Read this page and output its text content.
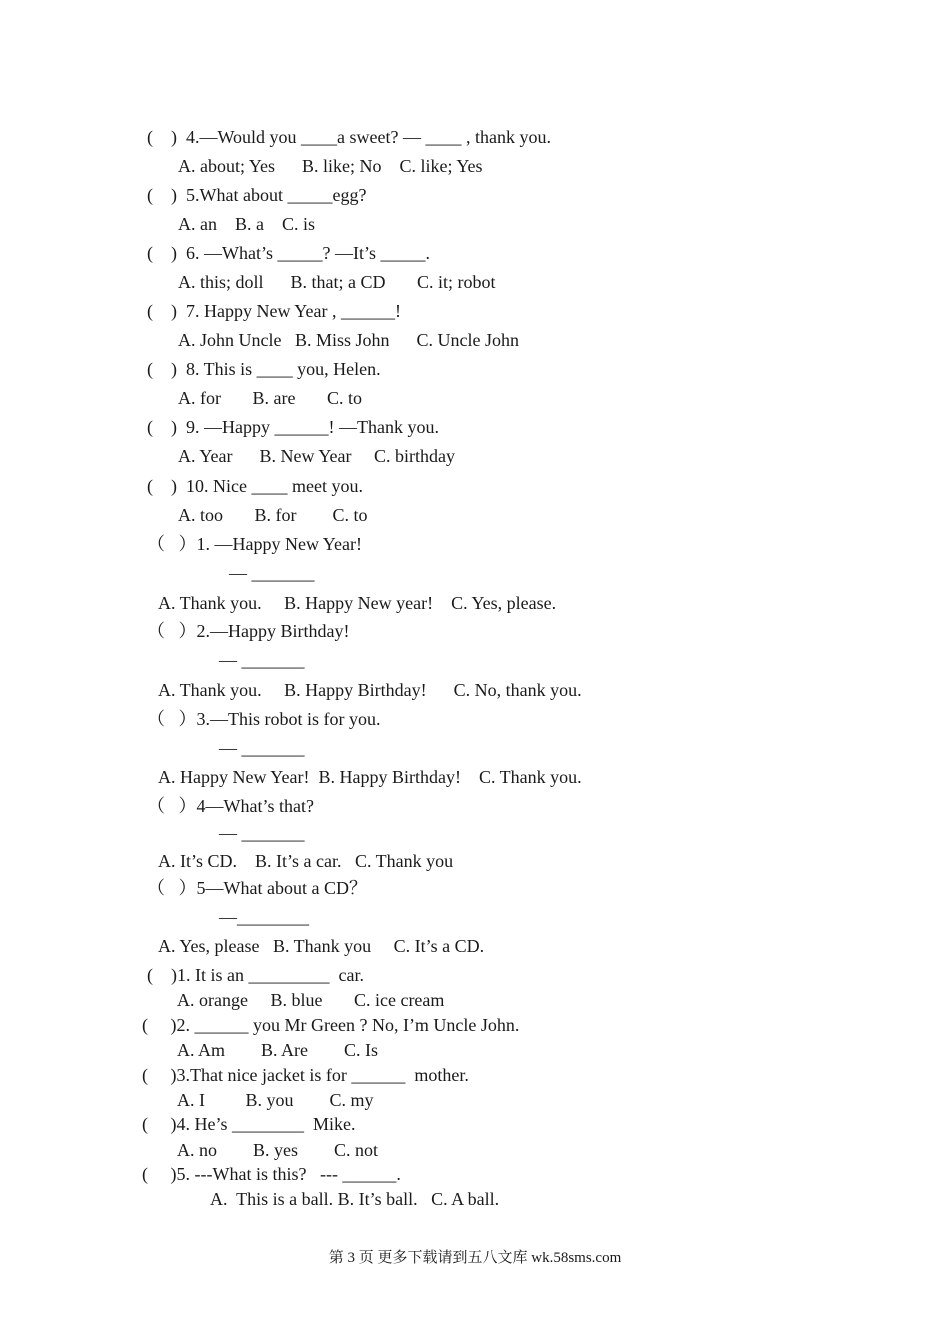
(    )  4.—Would you ____a sweet? — ____ , thank you.
A. about; Yes      B. like; No    C. like; Yes
(    )  5.What about _____egg?
A. an    B. a    C. is
(    )  6. —What’s _____? —It’s _____.
A. this; doll      B. that; a CD       C. it; robot
(    )  7. Happy New Year , ______!
A. John Uncle   B. Miss John      C. Uncle John
(    )  8. This is ____ you, Helen.
A. for       B. are       C. to
(    )  9. —Happy ______! —Thank you.
A. Year      B. New Year     C. birthday
(    )  10. Nice ____ meet you.
A. too       B. for        C. to
（   ）1. —Happy New Year!
— _______
A. Thank you.     B. Happy New year!    C. Yes, please.
（   ）2.—Happy Birthday!
— _______
A. Thank you.     B. Happy Birthday!      C. No, thank you.
（   ）3.—This robot is for you.
— _______
A. Happy New Year!  B. Happy Birthday!    C. Thank you.
（   ）4—What’s that?
— _______
A. It’s CD.    B. It’s a car.   C. Thank you
（   ）5—What about a CD？
—________
A. Yes, please   B. Thank you     C. It’s a CD.
(    )1. It is an _________  car.
A. orange     B. blue       C. ice cream
(     )2. ______ you Mr Green ? No, I’m Uncle John.
A. Am        B. Are        C. Is
(     )3.That nice jacket is for ______  mother.
A. I         B. you        C. my
(     )4. He’s ________  Mike.
A. no        B. yes        C. not
(     )5. ---What is this?   --- ______.
A.  This is a ball. B. It’s ball.   C. A ball.
第 3 页 更多下载请到五八文库 wk.58sms.com
